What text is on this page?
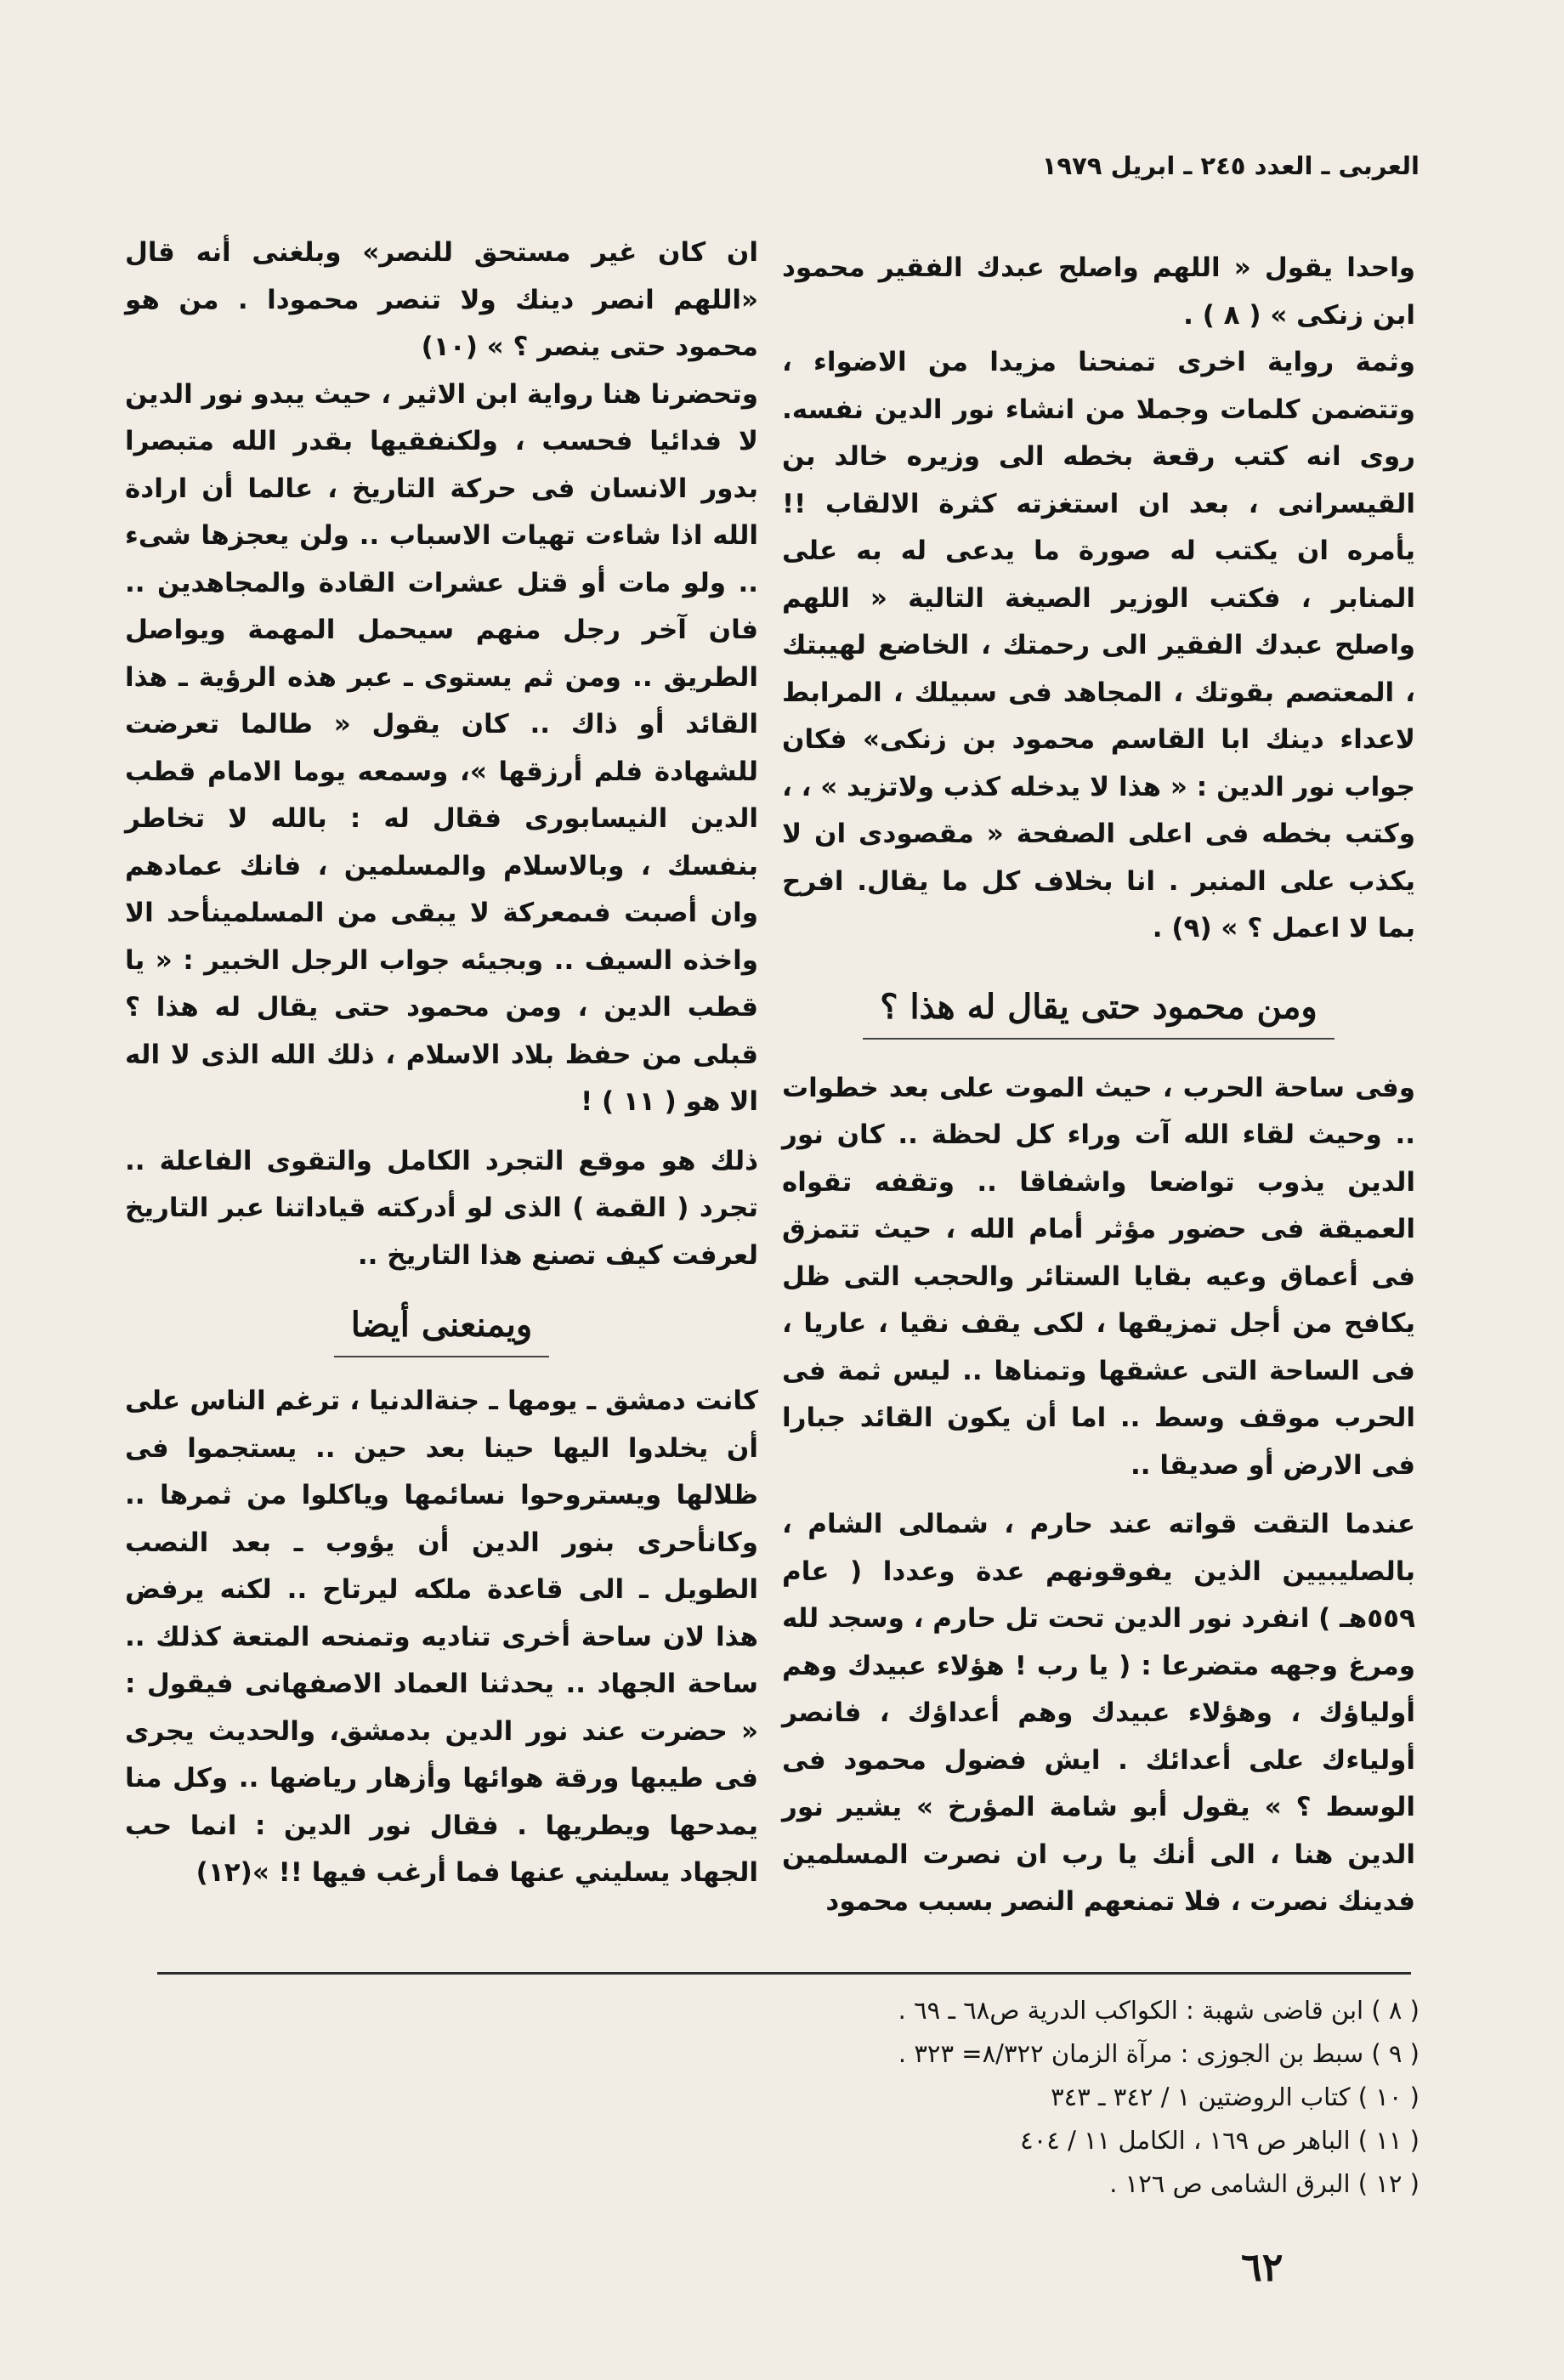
العربى ـ العدد ٢٤٥ ـ ابريل ١٩٧٩

واحدا يقول « اللهم واصلح عبدك الفقير محمود ابن زنكى » ( ٨ ) .

وثمة رواية اخرى تمنحنا مزيدا من الاضواء ، وتتضمن كلمات وجملا من انشاء نور الدين نفسه. روى انه كتب رقعة بخطه الى وزيره خالد بن القيسرانى ، بعد ان استغزته كثرة الالقاب !! يأمره ان يكتب له صورة ما يدعى له به على المنابر ، فكتب الوزير الصيغة التالية « اللهم واصلح عبدك الفقير الى رحمتك ، الخاضع لهيبتك ، المعتصم بقوتك ، المجاهد فى سبيلك ، المرابط لاعداء دينك ابا القاسم محمود بن زنكى» فكان جواب نور الدين : « هذا لا يدخله كذب ولاتزيد » ، ، وكتب بخطه فى اعلى الصفحة « مقصودى ان لا يكذب على المنبر . انا بخلاف كل ما يقال. افرح بما لا اعمل ؟ » (٩) .

ومن محمود حتى يقال له هذا ؟

وفى ساحة الحرب ، حيث الموت على بعد خطوات .. وحيث لقاء الله آت وراء كل لحظة .. كان نور الدين يذوب تواضعا واشفاقا .. وتقفه تقواه العميقة فى حضور مؤثر أمام الله ، حيث تتمزق فى أعماق وعيه بقايا الستائر والحجب التى ظل يكافح من أجل تمزيقها ، لكى يقف نقيا ، عاريا ، فى الساحة التى عشقها وتمناها .. ليس ثمة فى الحرب موقف وسط .. اما أن يكون القائد جبارا فى الارض أو صديقا ..

عندما التقت قواته عند حارم ، شمالى الشام ، بالصليبيين الذين يفوقونهم عدة وعددا ( عام ٥٥٩هـ ) انفرد نور الدين تحت تل حارم ، وسجد لله ومرغ وجهه متضرعا : ( يا رب ! هؤلاء عبيدك وهم أولياؤك ، وهؤلاء عبيدك وهم أعداؤك ، فانصر أولياءك على أعدائك . ايش فضول محمود فى الوسط ؟ » يقول أبو شامة المؤرخ » يشير نور الدين هنا ، الى أنك يا رب ان نصرت المسلمين فدينك نصرت ، فلا تمنعهم النصر بسبب محمود

ان كان غير مستحق للنصر» وبلغنى أنه قال «اللهم انصر دينك ولا تنصر محمودا . من هو محمود حتى ينصر ؟ » (١٠)

وتحضرنا هنا رواية ابن الاثير ، حيث يبدو نور الدين لا فدائيا فحسب ، ولكنفقيها بقدر الله متبصرا بدور الانسان فى حركة التاريخ ، عالما أن ارادة الله اذا شاءت تهيات الاسباب .. ولن يعجزها شىء .. ولو مات أو قتل عشرات القادة والمجاهدين .. فان آخر رجل منهم سيحمل المهمة ويواصل الطريق .. ومن ثم يستوى ـ عبر هذه الرؤية ـ هذا القائد أو ذاك .. كان يقول « طالما تعرضت للشهادة فلم أرزقها »، وسمعه يوما الامام قطب الدين النيسابورى فقال له : بالله لا تخاطر بنفسك ، وبالاسلام والمسلمين ، فانك عمادهم وان أصبت فىمعركة لا يبقى من المسلمينأحد الا واخذه السيف .. وبجيئه جواب الرجل الخبير : « يا قطب الدين ، ومن محمود حتى يقال له هذا ؟ قبلى من حفظ بلاد الاسلام ، ذلك الله الذى لا اله الا هو ( ١١ ) !

ذلك هو موقع التجرد الكامل والتقوى الفاعلة .. تجرد ( القمة ) الذى لو أدركته قياداتنا عبر التاريخ لعرفت كيف تصنع هذا التاريخ ..

ويمنعنى أيضا

كانت دمشق ـ يومها ـ جنةالدنيا ، ترغم الناس على أن يخلدوا اليها حينا بعد حين .. يستجموا فى ظلالها ويستروحوا نسائمها وياكلوا من ثمرها .. وكانأحرى بنور الدين أن يؤوب ـ بعد النصب الطويل ـ الى قاعدة ملكه ليرتاح .. لكنه يرفض هذا لان ساحة أخرى تناديه وتمنحه المتعة كذلك .. ساحة الجهاد .. يحدثنا العماد الاصفهانى فيقول : « حضرت عند نور الدين بدمشق، والحديث يجرى فى طيبها ورقة هوائها وأزهار رياضها .. وكل منا يمدحها ويطريها . فقال نور الدين : انما حب الجهاد يسليني عنها فما أرغب فيها !! »(١٢)

( ٨ ) ابن قاضى شهبة : الكواكب الدرية ص٦٨ ـ ٦٩ .
( ٩ ) سبط بن الجوزى : مرآة الزمان ٨/٣٢٢= ٣٢٣ .
( ١٠ ) كتاب الروضتين ١ / ٣٤٢ ـ ٣٤٣
( ١١ ) الباهر ص ١٦٩ ، الكامل ١١ / ٤٠٤
( ١٢ ) البرق الشامى ص ١٢٦ .
٦٢
